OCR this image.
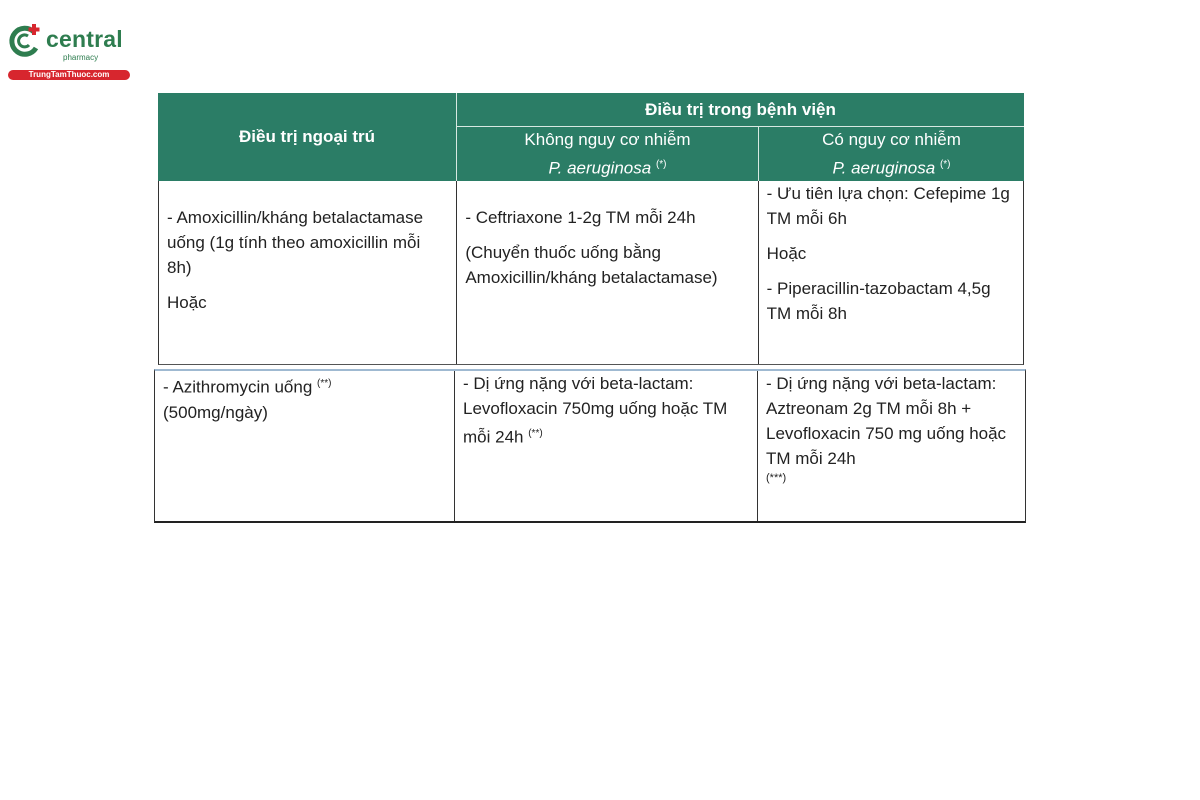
central
pharmacy
TrungTamThuoc.com
Điều trị ngoại trú
Điều trị trong bệnh viện
Không nguy cơ nhiễm
P. aeruginosa (*)
Có nguy cơ nhiễm
P. aeruginosa (*)

- Amoxicillin/kháng betalactamase uống (1g tính theo amoxicillin mỗi 8h)

Hoặc

- Ceftriaxone 1-2g TM mỗi 24h

(Chuyển thuốc uống bằng Amoxicillin/kháng betalactamase)

- Ưu tiên lựa chọn: Cefepime 1g TM mỗi 6h

Hoặc

- Piperacillin-tazobactam 4,5g TM mỗi 8h

- Azithromycin uống (**)

(500mg/ngày)

- Dị ứng nặng với beta-lactam: Levofloxacin 750mg uống hoặc TM mỗi 24h (**)

- Dị ứng nặng với beta-lactam: Aztreonam 2g TM mỗi 8h + Levofloxacin 750 mg uống hoặc TM mỗi 24h

(***)
